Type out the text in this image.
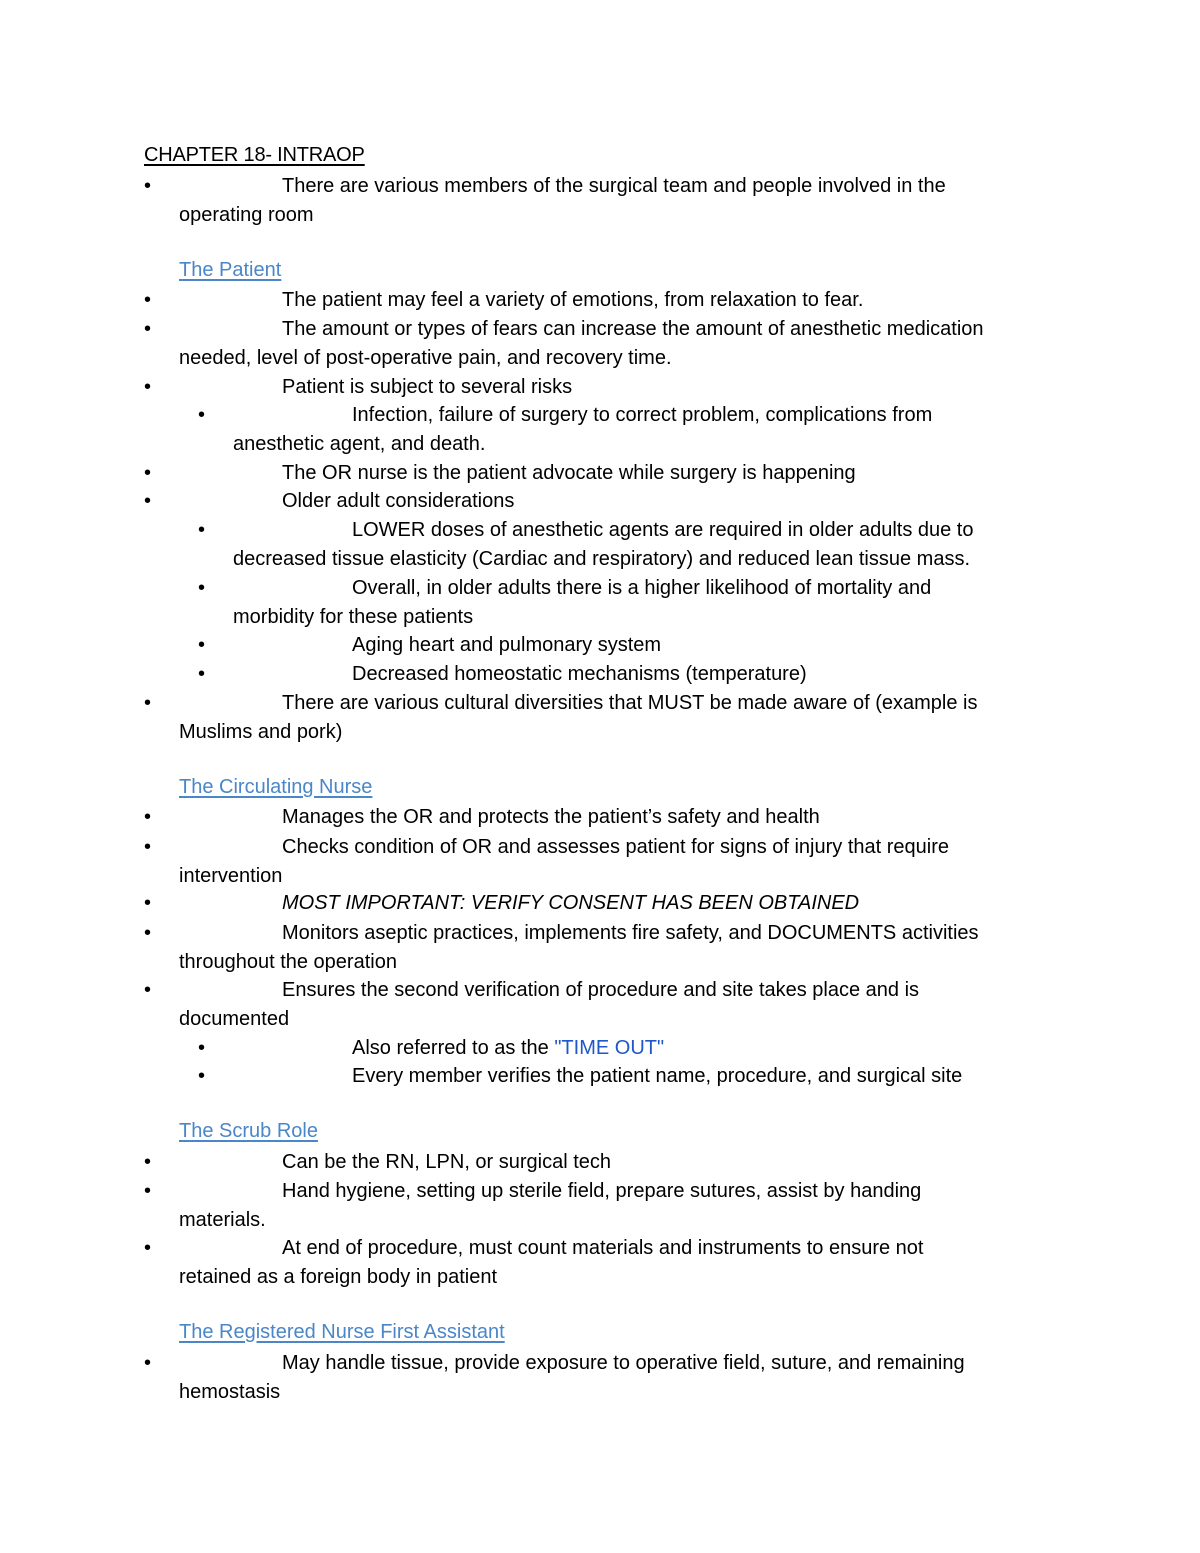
CHAPTER 18- INTRAOP
•	There are various members of the surgical team and people involved in the
operating room
The Patient
•	The patient may feel a variety of emotions, from relaxation to fear.
•	The amount or types of fears can increase the amount of anesthetic medication
needed, level of post-operative pain, and recovery time.
•	Patient is subject to several risks
•	Infection, failure of surgery to correct problem, complications from
anesthetic agent, and death.
•	The OR nurse is the patient advocate while surgery is happening
•	Older adult considerations
•	LOWER doses of anesthetic agents are required in older adults due to
decreased tissue elasticity (Cardiac and respiratory) and reduced lean tissue mass.
•	Overall, in older adults there is a higher likelihood of mortality and
morbidity for these patients
•	Aging heart and pulmonary system
•	Decreased homeostatic mechanisms (temperature)
•	There are various cultural diversities that MUST be made aware of (example is
Muslims and pork)
The Circulating Nurse
•	Manages the OR and protects the patient’s safety and health
•	Checks condition of OR and assesses patient for signs of injury that require
intervention
•	MOST IMPORTANT: VERIFY CONSENT HAS BEEN OBTAINED
•	Monitors aseptic practices, implements fire safety, and DOCUMENTS activities
throughout the operation
•	Ensures the second verification of procedure and site takes place and is
documented
•	Also referred to as the "TIME OUT"
•	Every member verifies the patient name, procedure, and surgical site
The Scrub Role
•	Can be the RN, LPN, or surgical tech
•	Hand hygiene, setting up sterile field, prepare sutures, assist by handing
materials.
•	At end of procedure, must count materials and instruments to ensure not
retained as a foreign body in patient
The Registered Nurse First Assistant
•	May handle tissue, provide exposure to operative field, suture, and remaining
hemostasis
